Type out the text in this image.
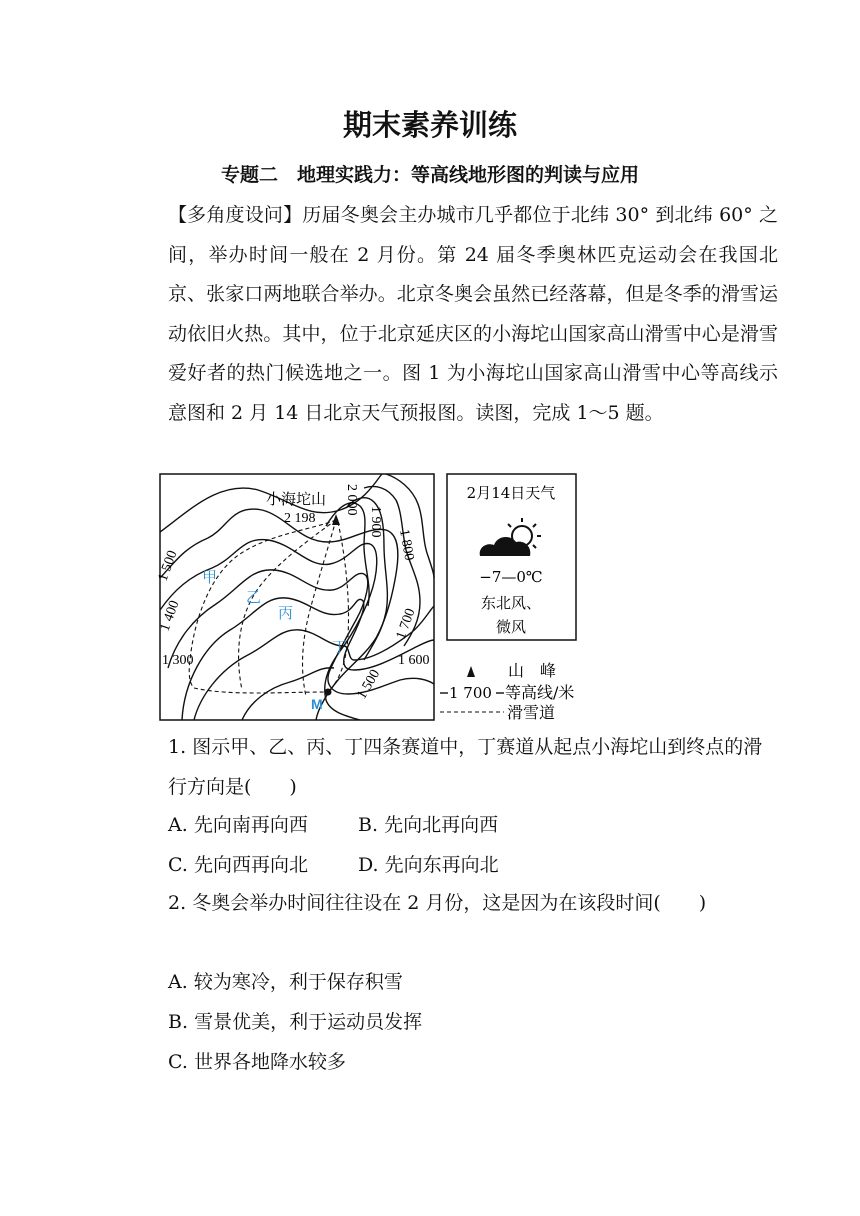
期末素养训练
专题二　地理实践力：等高线地形图的判读与应用

【多角度设问】历届冬奥会主办城市几乎都位于北纬 30° 到北纬 60° 之间，举办时间一般在 2 月份。第 24 届冬季奥林匹克运动会在我国北京、张家口两地联合举办。北京冬奥会虽然已经落幕，但是冬季的滑雪运动依旧火热。其中，位于北京延庆区的小海坨山国家高山滑雪中心是滑雪爱好者的热门候选地之一。图 1 为小海坨山国家高山滑雪中心等高线示意图和 2 月 14 日北京天气预报图。读图，完成 1～5 题。

小海坨山
2 198
2 000
1 900
1 800
1 700
1 600
1 500
1 500
1 400
1 300
甲
乙
丙
丁
M
2月14日天气
−7—0℃
东北风、
微风
山　峰
1 700 等高线/米
滑雪道

1. 图示甲、乙、丙、丁四条赛道中，丁赛道从起点小海坨山到终点的滑行方向是(　　)

A. 先向南再向西	B. 先向北再向西
C. 先向西再向北	D. 先向东再向北

2. 冬奥会举办时间往往设在 2 月份，这是因为在该段时间(　　)

A. 较为寒冷，利于保存积雪
B. 雪景优美，利于运动员发挥
C. 世界各地降水较多
